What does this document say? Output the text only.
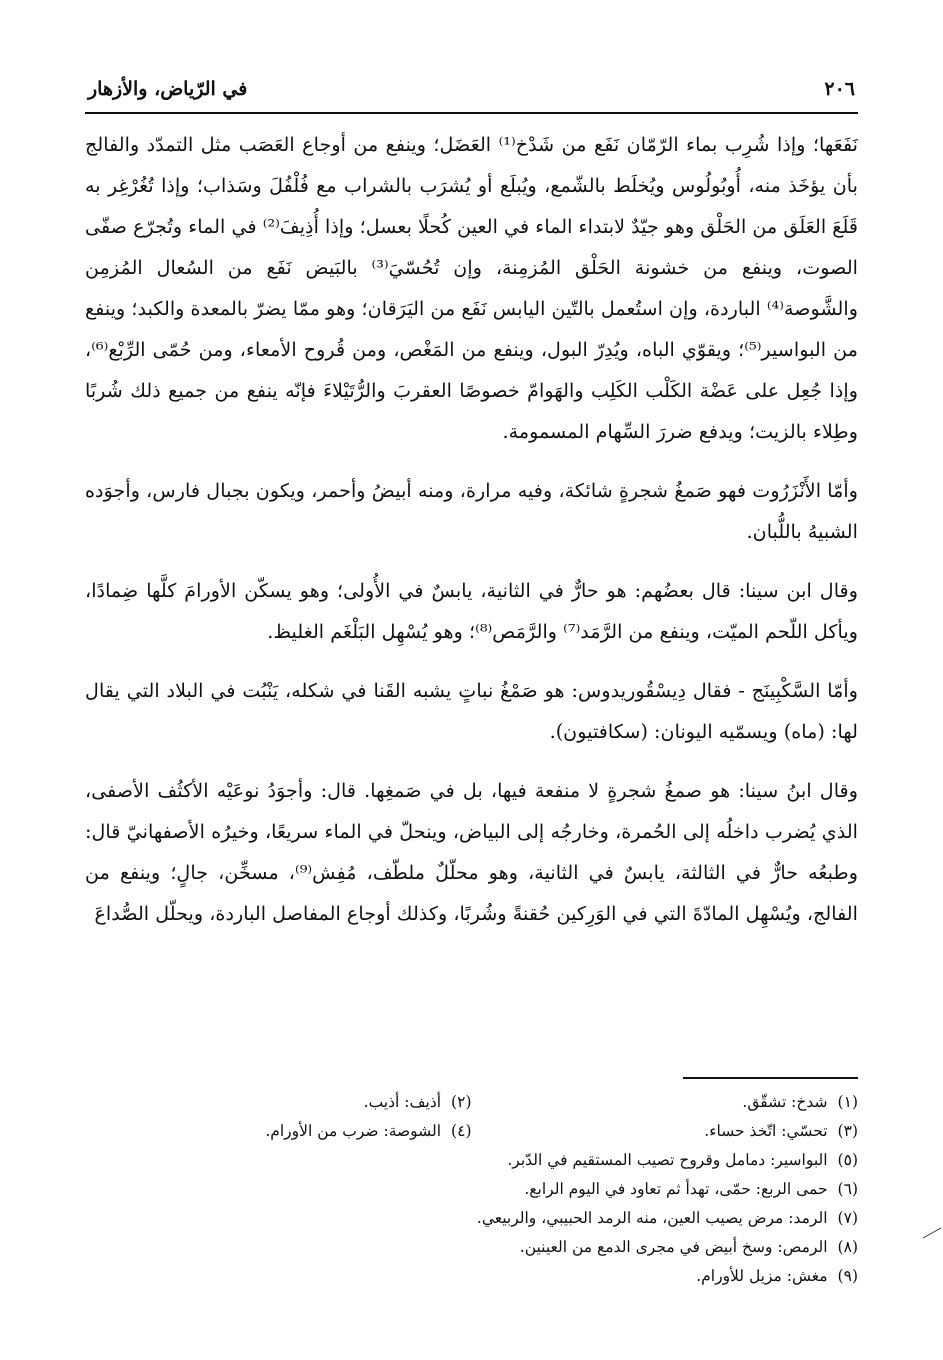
٢٠٦
في الرّياض، والأزهار

نَفَعَها؛ وإذا شُرِب بماء الرّمّان نَفَع من شَدْخ⁽¹⁾ العَضَل؛ وينفع من أوجاع العَصَب مثل التمدّد والفالج بأن يؤخَذ منه، أُوبُولُوس ويُخلَط بالشّمع، ويُبلَع أو يُشرَب بالشراب مع فُلْفُلَ وسَذاب؛ وإذا تُغُرْغِر به قَلَعَ العَلَق من الحَلْق وهو جيّدٌ لابتداء الماء في العين كُحلًا بعسل؛ وإذا أُذِيفَ⁽²⁾ في الماء وتُجرّع صفّى الصوت، وينفع من خشونة الحَلْق المُزمِنة، وإن تُحُسّيَ⁽³⁾ بالبَيض نَفَع من السُعال المُزمِن والشَّوصة⁽⁴⁾ الباردة، وإن استُعمل بالتّين اليابس نَفَع من اليَرَقان؛ وهو ممّا يضرّ بالمعدة والكبد؛ وينفع من البواسير⁽⁵⁾؛ ويقوّي الباه، ويُدِرّ البول، وينفع من المَغْص، ومن قُروح الأمعاء، ومن حُمّى الرِّبْع⁽⁶⁾، وإذا جُعِل على عَضْة الكَلْب الكَلِب والهَوامّ خصوصًا العقربَ والرُّتَيْلاءَ فإنّه ينفع من جميع ذلك شُربًا وطِلاء بالزيت؛ ويدفع ضررَ السِّهام المسمومة.

وأمّا الأَنْزَرُوت فهو صَمغُ شجرةٍ شائكة، وفيه مرارة، ومنه أبيضُ وأحمر، ويكون بجبال فارس، وأجوَده الشبيهُ باللُّبان.

وقال ابن سينا: قال بعضُهم: هو حارٌّ في الثانية، يابسٌ في الأُولى؛ وهو يسكّن الأورامَ كلَّها ضِمادًا، ويأكل اللّحم الميّت، وينفع من الرَّمَد⁽⁷⁾ والرَّمَص⁽⁸⁾؛ وهو يُسْهِل البَلْغَم الغليظ.

وأمّا السَّكْبِينَج - فقال دِيسْقُوريدوس: هو صَمْغُ نباتٍ يشبه القَنا في شكله، يَنْبُت في البلاد التي يقال لها: (ماه) ويسمّيه اليونان: (سكافتيون).

وقال ابنُ سينا: هو صمغُ شجرةٍ لا منفعة فيها، بل في صَمغِها. قال: وأجوَدُ نوعَيْه الأكثُف الأصفى، الذي يُضرب داخلُه إلى الحُمرة، وخارجُه إلى البياض، وينحلّ في الماء سريعًا، وخيرُه الأصفهانيّ قال: وطبعُه حارٌّ في الثالثة، يابسٌ في الثانية، وهو محلّلٌ ملطّف، مُفِش⁽⁹⁾، مسخِّن، جالٍ؛ وينفع من الفالج، ويُسْهِل المادّةَ التي في الوَرِكين حُقنةً وشُربًا، وكذلك أوجاع المفاصل الباردة، ويحلّل الصُّداعَ

(١)شدخ: تشقّق.
(٢)أذيف: أذيب.
(٣)تحسّي: اتّخذ حساء.
(٤)الشوصة: ضرب من الأورام.
(٥)البواسير: دمامل وقروح تصيب المستقيم في الدّبر.
(٦)حمى الربع: حمّى، تهدأ ثم تعاود في اليوم الرابع.
(٧)الرمد: مرض يصيب العين، منه الرمد الحبيبي، والربيعي.
(٨)الرمص: وسخ أبيض في مجرى الدمع من العينين.
(٩)مغش: مزيل للأورام.
